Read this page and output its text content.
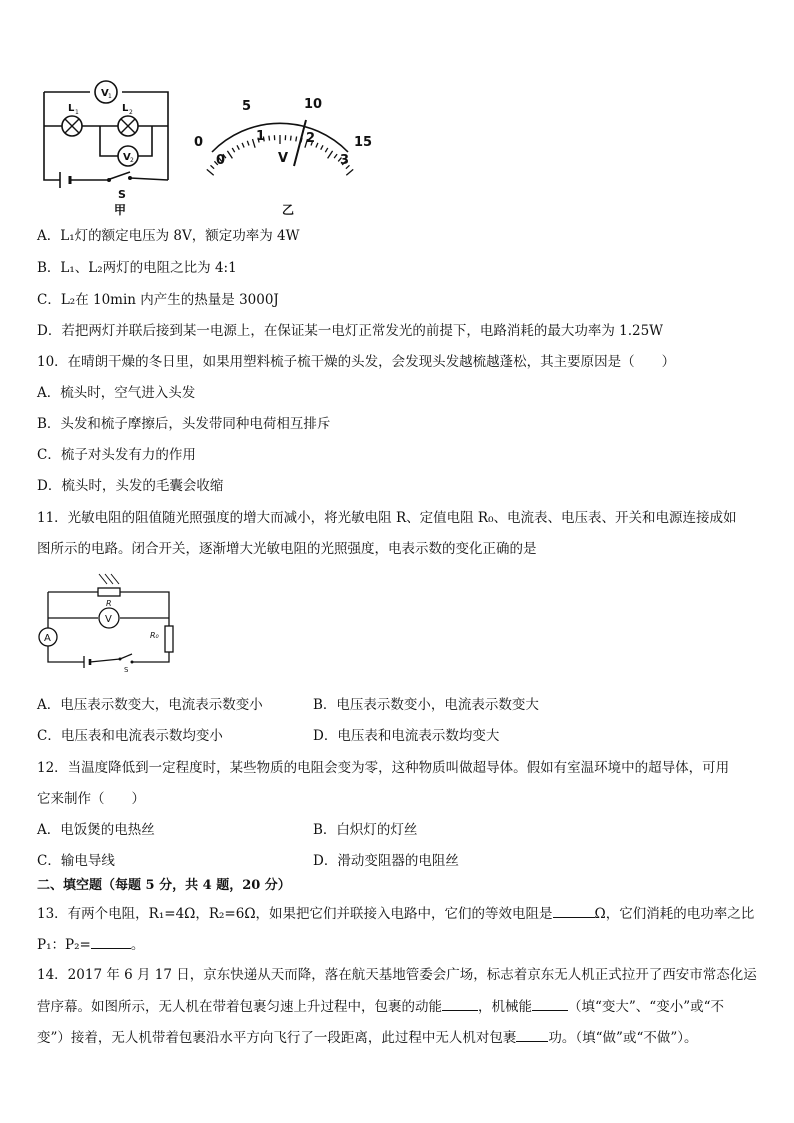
V 1
L 1	L 2
V 2
S
甲
0
5	10
15
0
1	2
3
V
乙
A．L₁灯的额定电压为 8V，额定功率为 4W
B．L₁、L₂两灯的电阻之比为 4:1
C．L₂在 10min 内产生的热量是 3000J
D．若把两灯并联后接到某一电源上，在保证某一电灯正常发光的前提下，电路消耗的最大功率为 1.25W
10．在晴朗干燥的冬日里，如果用塑料梳子梳干燥的头发，会发现头发越梳越蓬松，其主要原因是（　　）
A．梳头时，空气进入头发
B．头发和梳子摩擦后，头发带同种电荷相互排斥
C．梳子对头发有力的作用
D．梳头时，头发的毛囊会收缩
11．光敏电阻的阻值随光照强度的增大而减小，将光敏电阻 R、定值电阻 R₀、电流表、电压表、开关和电源连接成如
图所示的电路。闭合开关，逐渐增大光敏电阻的光照强度，电表示数的变化正确的是
R
V
A	R₀
S
A．电压表示数变大，电流表示数变小	B．电压表示数变小，电流表示数变大
C．电压表和电流表示数均变小	D．电压表和电流表示数均变大
12．当温度降低到一定程度时，某些物质的电阻会变为零，这种物质叫做超导体。假如有室温环境中的超导体，可用
它来制作（　　）
A．电饭煲的电热丝	B．白炽灯的灯丝
C．输电导线	D．滑动变阻器的电阻丝
二、填空题（每题 5 分，共 4 题，20 分）
13．有两个电阻，R₁=4Ω，R₂=6Ω，如果把它们并联接入电路中，它们的等效电阻是	Ω，它们消耗的电功率之比
P₁：P₂=	。
14．2017 年 6 月 17 日，京东快递从天而降，落在航天基地管委会广场，标志着京东无人机正式拉开了西安市常态化运
营序幕。如图所示，无人机在带着包裹匀速上升过程中，包裹的动能	，机械能	（填“变大”、“变小”或“不
变”）接着，无人机带着包裹沿水平方向飞行了一段距离，此过程中无人机对包裹 功。（填“做”或“不做”）。
